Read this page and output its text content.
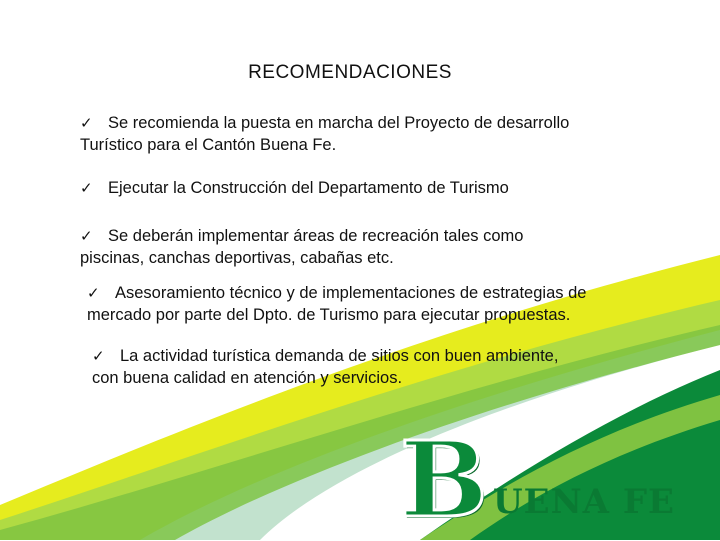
RECOMENDACIONES
✓ Se recomienda la puesta en marcha del Proyecto de desarrollo
Turístico para el Cantón Buena Fe.
✓ Ejecutar la Construcción del Departamento de Turismo
✓ Se deberán implementar áreas de recreación tales como
piscinas, canchas deportivas, cabañas etc.
✓ Asesoramiento técnico y de implementaciones de estrategias de
mercado por parte del Dpto. de Turismo para ejecutar propuestas.
✓ La actividad turística demanda de sitios con buen ambiente,
con buena calidad en atención y servicios.
B UENA FE
